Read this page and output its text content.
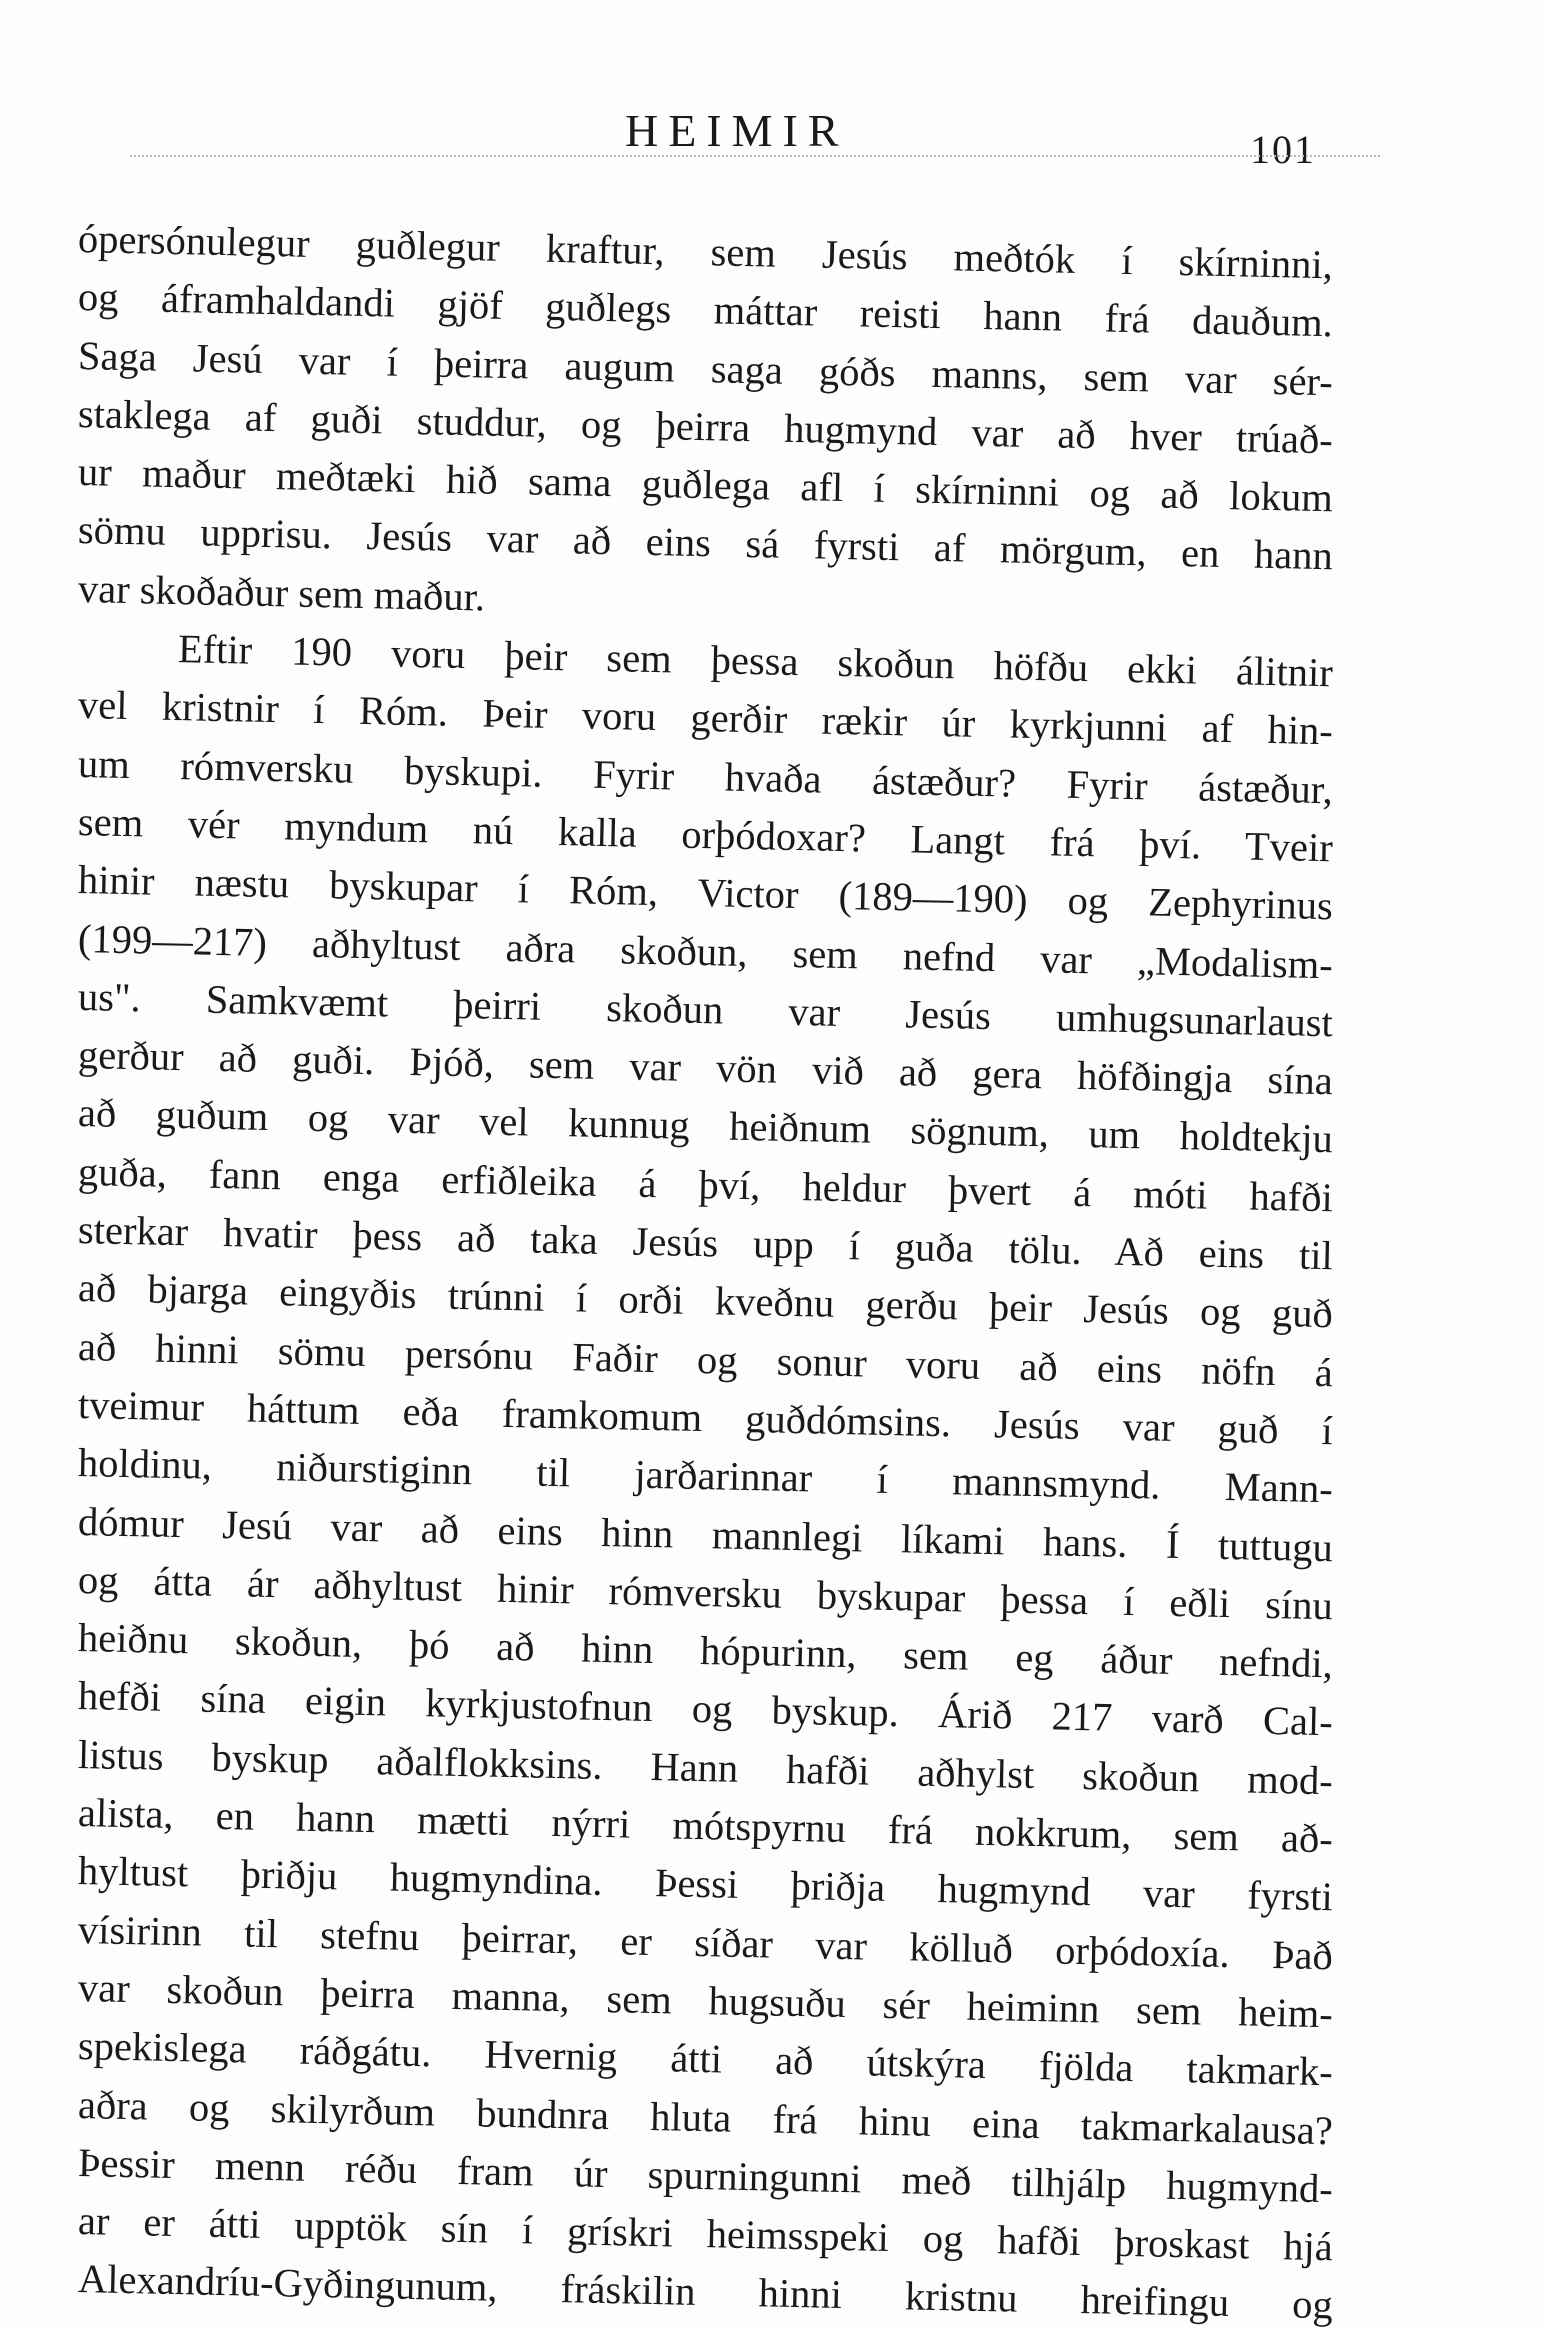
HEIMIR	101
ópersónulegur guðlegur kraftur, sem Jesús meðtók í skírninni,
og áframhaldandi gjöf guðlegs máttar reisti hann frá dauðum.
Saga Jesú var í þeirra augum saga góðs manns, sem var sér-
staklega af guði studdur, og þeirra hugmynd var að hver trúað-
ur maður meðtæki hið sama guðlega afl í skírninni og að lokum
sömu upprisu. Jesús var að eins sá fyrsti af mörgum, en hann
var skoðaður sem maður.
Eftir 190 voru þeir sem þessa skoðun höfðu ekki álitnir
vel kristnir í Róm. Þeir voru gerðir rækir úr kyrkjunni af hin-
um rómversku byskupi. Fyrir hvaða ástæður? Fyrir ástæður,
sem vér myndum nú kalla orþódoxar? Langt frá því. Tveir
hinir næstu byskupar í Róm, Victor (189—190) og Zephyrinus
(199—217) aðhyltust aðra skoðun, sem nefnd var „Modalism-
us". Samkvæmt þeirri skoðun var Jesús umhugsunarlaust
gerður að guði. Þjóð, sem var vön við að gera höfðingja sína
að guðum og var vel kunnug heiðnum sögnum, um holdtekju
guða, fann enga erfiðleika á því, heldur þvert á móti hafði
sterkar hvatir þess að taka Jesús upp í guða tölu. Að eins til
að bjarga eingyðis trúnni í orði kveðnu gerðu þeir Jesús og guð
að hinni sömu persónu Faðir og sonur voru að eins nöfn á
tveimur háttum eða framkomum guðdómsins. Jesús var guð í
holdinu, niðurstiginn til jarðarinnar í mannsmynd. Mann-
dómur Jesú var að eins hinn mannlegi líkami hans. Í tuttugu
og átta ár aðhyltust hinir rómversku byskupar þessa í eðli sínu
heiðnu skoðun, þó að hinn hópurinn, sem eg áður nefndi,
hefði sína eigin kyrkjustofnun og byskup. Árið 217 varð Cal-
listus byskup aðalflokksins. Hann hafði aðhylst skoðun mod-
alista, en hann mætti nýrri mótspyrnu frá nokkrum, sem að-
hyltust þriðju hugmyndina. Þessi þriðja hugmynd var fyrsti
vísirinn til stefnu þeirrar, er síðar var kölluð orþódoxía. Það
var skoðun þeirra manna, sem hugsuðu sér heiminn sem heim-
spekislega ráðgátu. Hvernig átti að útskýra fjölda takmark-
aðra og skilyrðum bundnra hluta frá hinu eina takmarkalausa?
Þessir menn réðu fram úr spurningunni með tilhjálp hugmynd-
ar er átti upptök sín í grískri heimsspeki og hafði þroskast hjá
Alexandríu-Gyðingunum, fráskilin hinni kristnu hreifingu og
